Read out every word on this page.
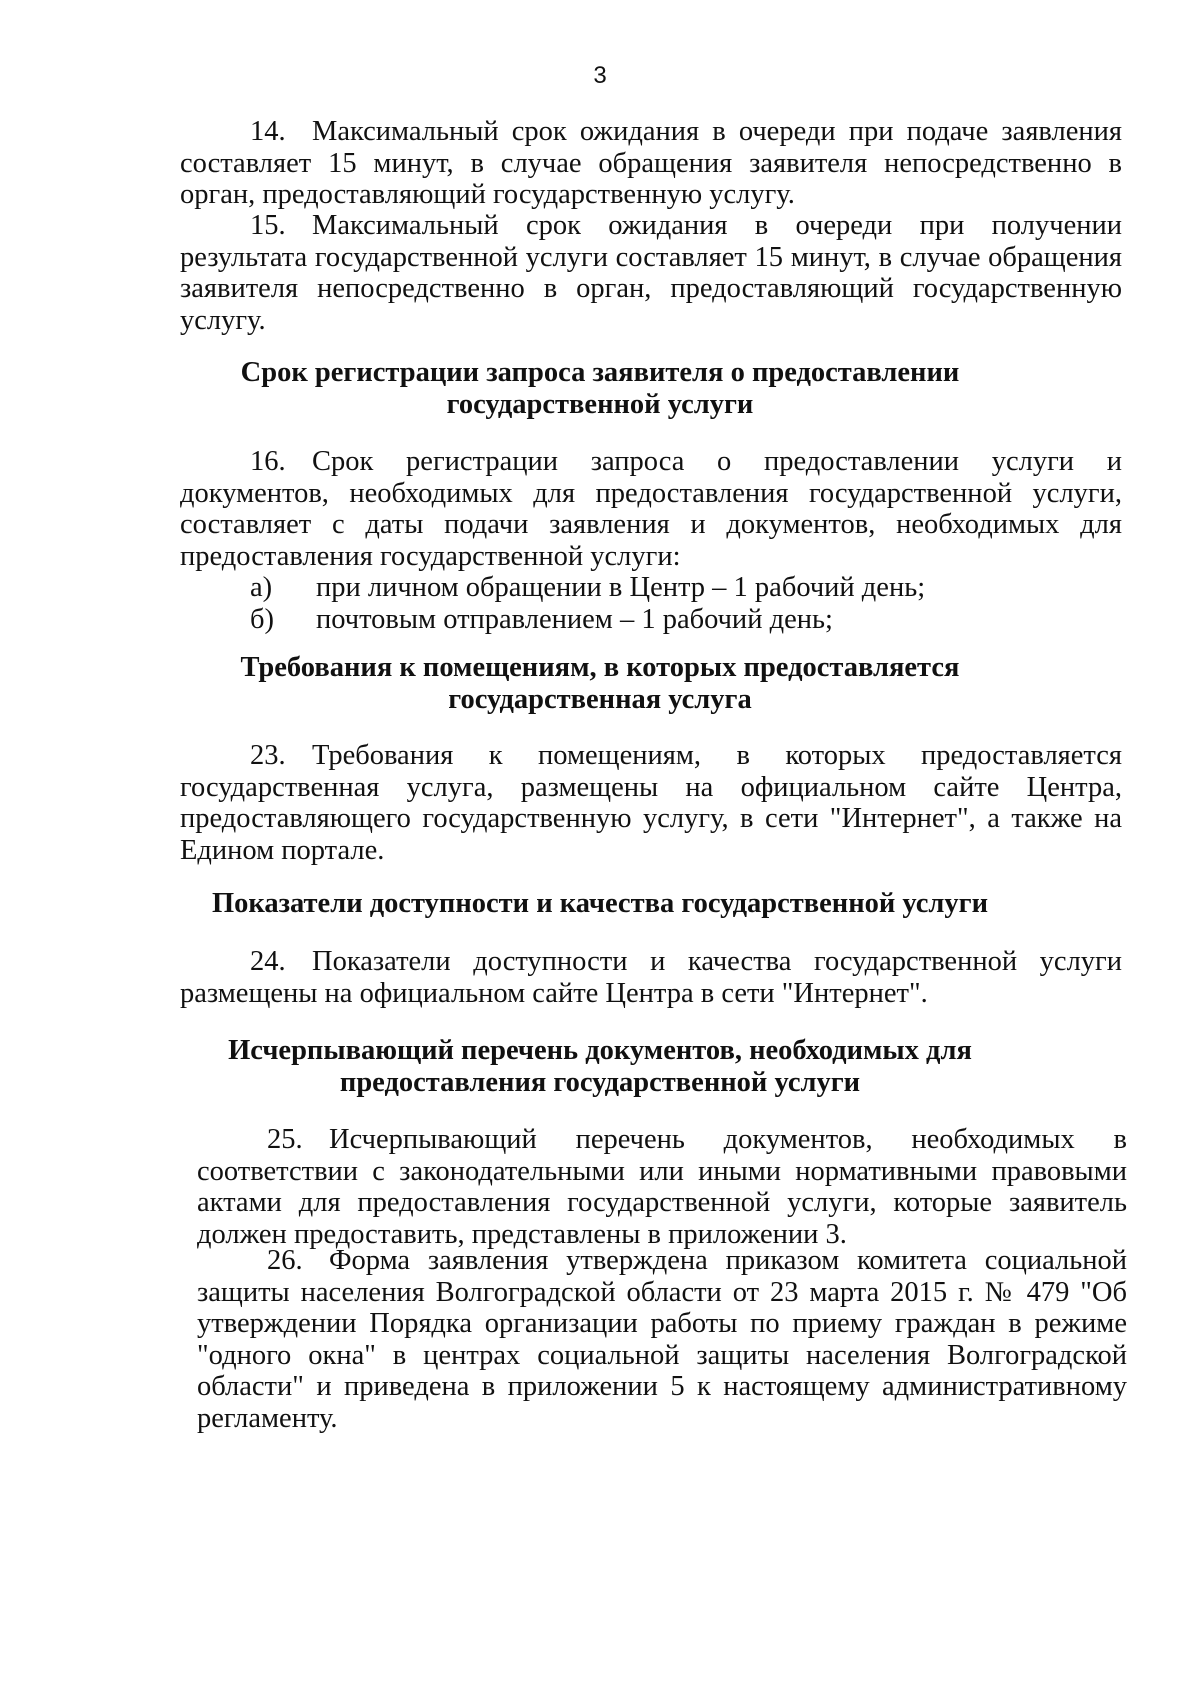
3
14. Максимальный срок ожидания в очереди при подаче заявления составляет 15 минут, в случае обращения заявителя непосредственно в орган, предоставляющий государственную услугу.
15. Максимальный срок ожидания в очереди при получении результата государственной услуги составляет 15 минут, в случае обращения заявителя непосредственно в орган, предоставляющий государственную услугу.
Срок регистрации запроса заявителя о предоставлении
государственной услуги
16. Срок регистрации запроса о предоставлении услуги и документов, необходимых для предоставления государственной услуги, составляет с даты подачи заявления и документов, необходимых для предоставления государственной услуги:
а) при личном обращении в Центр – 1 рабочий день;
б) почтовым отправлением – 1 рабочий день;
Требования к помещениям, в которых предоставляется
государственная услуга
23. Требования к помещениям, в которых предоставляется государственная услуга, размещены на официальном сайте Центра, предоставляющего государственную услугу, в сети "Интернет", а также на Едином портале.
Показатели доступности и качества государственной услуги
24. Показатели доступности и качества государственной услуги размещены на официальном сайте Центра в сети "Интернет".
Исчерпывающий перечень документов, необходимых для
предоставления государственной услуги
25. Исчерпывающий перечень документов, необходимых в соответствии с законодательными или иными нормативными правовыми актами для предоставления государственной услуги, которые заявитель должен предоставить, представлены в приложении 3.
26. Форма заявления утверждена приказом комитета социальной защиты населения Волгоградской области от 23 марта 2015 г. № 479 "Об утверждении Порядка организации работы по приему граждан в режиме "одного окна" в центрах социальной защиты населения Волгоградской области" и приведена в приложении 5 к настоящему административному регламенту.
